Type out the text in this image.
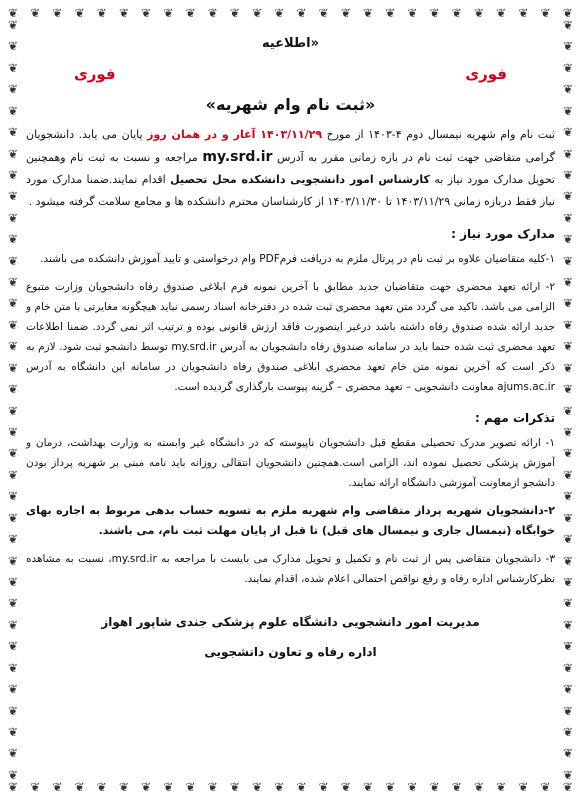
❦ ❦ ❦ ❦ ❦ ❦ ❦ ❦ ❦ ❦ ❦ ❦ ❦ ❦ ❦ ❦ ❦ ❦ ❦ ❦ ❦ ❦ ❦ ❦ ❦ ❦
❦ ❦ ❦ ❦ ❦ ❦ ❦ ❦ ❦ ❦ ❦ ❦ ❦ ❦ ❦ ❦ ❦ ❦ ❦ ❦ ❦ ❦ ❦ ❦ ❦ ❦
❦
❦
❦
❦
❦
❦
❦
❦
❦
❦
❦
❦
❦
❦
❦
❦
❦
❦
❦
❦
❦
❦
❦
❦
❦
❦
❦
❦
❦
❦
❦
❦
❦
❦
❦
❦
❦
❦
❦
❦
❦
❦
❦
❦
❦
❦
❦
❦
❦
❦
❦
❦
❦
❦
❦
❦
❦
❦
❦
❦
❦
❦
❦
❦
❦
❦
❦
❦
❦
❦
❦
❦
«اطلاعیه
فوری
فوری
«ثبت نام وام شهریه»

ثبت نام وام شهریه نیمسال دوم ۴-۱۴۰۳ از مورخ ۱۴۰۳/۱۱/۲۹ آغاز و در همان روز پایان می یابد. دانشجویان گرامی متقاضی جهت ثبت نام در بازه زمانی مقرر به آدرس my.srd.ir مراجعه و نسبت به ثبت نام وهمچنین تحویل مدارک مورد نیاز به کارشناس امور دانشجویی دانشکده محل تحصیل اقدام نمایند.ضمنا مدارک مورد نیاز فقط دربازه زمانی ۱۴۰۳/۱۱/۲۹ تا ۱۴۰۳/۱۱/۳۰ از کارشناسان محترم دانشکده ها و مجامع سلامت گرفته میشود .

مدارک مورد نیاز :

۱-کلیه متقاضیان علاوه بر ثبت نام در پرتال ملزم به دریافت فرمPDF وام درخواستی و تایید آموزش دانشکده می باشند.

۲- ارائه تعهد محضری جهت متقاضیان جدید مطابق با آخرین نمونه فرم ابلاغی صندوق رفاه دانشجویان وزارت متبوع الزامی می باشد. تاکید می گردد متن تعهد محضری ثبت شده در دفترخانه اسناد رسمی نباید هیچگونه مغایرتی با متن خام و جدید ارائه شده صندوق رفاه داشته باشد درغیر اینصورت فاقد ارزش قانونی بوده و ترتیب اثر نمی گردد. ضمنا اطلاعات تعهد محضری ثبت شده حتما باید در سامانه صندوق رفاه دانشجویان به آدرس my.srd.ir توسط دانشجو ثبت شود. لازم به ذکر است که آخرین نمونه متن خام تعهد محضری ابلاغی صندوق رفاه دانشجویان در سامانه این دانشگاه به آدرس ajums.ac.ir معاونت دانشجویی – تعهد محضری – گزینه پیوست بارگذاری گردیده است.

تذکرات مهم :

۱- ارائه تصویر مدرک تحصیلی مقطع قبل دانشجویان ناپیوسته که در دانشگاه غیر وابسته به وزارت بهداشت، درمان و آموزش پزشکی تحصیل نموده اند، الزامی است.همچنین دانشجویان انتقالی روزانه باید نامه مبنی بر شهریه پرداز بودن دانشجو ازمعاونت آموزشی دانشگاه ارائه نمایند.

۲-دانشجویان شهریه پرداز متقاضی وام شهریه ملزم به تسویه حساب بدهی مربوط به اجاره بهای خوابگاه (نیمسال جاری و نیمسال های قبل) تا قبل از پایان مهلت ثبت نام، می باشند.

۳- دانشجویان متقاضی پس از ثبت نام و تکمیل و تحویل مدارک می بایست با مراجعه به my.srd.ir، نسبت به مشاهده نظرکارشناس اداره رفاه و رفع نواقص احتمالی اعلام شده، اقدام نمایند.

مدیریت امور دانشجویی دانشگاه علوم پزشکی جندی شاپور اهواز
اداره رفاه و تعاون دانشجویی
